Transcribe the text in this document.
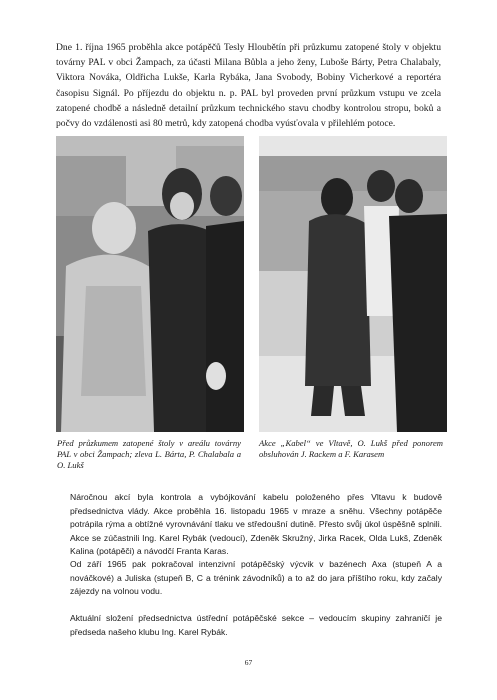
Dne 1. října 1965 proběhla akce potápěčů Tesly Hloubětín při průzkumu zatopené štoly v objektu továrny PAL v obci Žampach, za účasti Milana Bůbla a jeho ženy, Luboše Bárty, Petra Chalabaly, Viktora Nováka, Oldřicha Lukše, Karla Rybáka, Jana Svobody, Bobiny Vicherkové a reportéra časopisu Signál. Po příjezdu do objektu n. p. PAL byl proveden první průzkum vstupu ve zcela zatopené chodbě a následně detailní průzkum technického stavu chodby kontrolou stropu, boků a počvy do vzdálenosti asi 80 metrů, kdy zatopená chodba vyúsťovala v přilehlém potoce.

Před průzkumem zatopené štoly v areálu továrny PAL v obci Žampach; zleva L. Bárta, P. Chalabala a O. Lukš

Akce „Kabel“ ve Vltavě, O. Lukš před ponorem obsluhován J. Rackem a F. Karasem

Náročnou akcí byla kontrola a vybójkování kabelu položeného přes Vltavu k budově předsednictva vlády. Akce proběhla 16. listopadu 1965 v mraze a sněhu. Všechny potápěče potrápila rýma a obtížné vyrovnávání tlaku ve středoušní dutině. Přesto svůj úkol úspěšně splnili. Akce se zúčastnili Ing. Karel Rybák (vedoucí), Zdeněk Skružný, Jirka Racek, Olda Lukš, Zdeněk Kalina (potápěči) a návodčí Franta Karas.

Od září 1965 pak pokračoval intenzivní potápěčský výcvik v bazénech Axa (stupeň A a nováčkové) a Juliska (stupeň B, C a trénink závodníků) a to až do jara příštího roku, kdy začaly zájezdy na volnou vodu.

Aktuální složení předsednictva ústřední potápěčské sekce – vedoucím skupiny zahraničí je předseda našeho klubu Ing. Karel Rybák.

67
